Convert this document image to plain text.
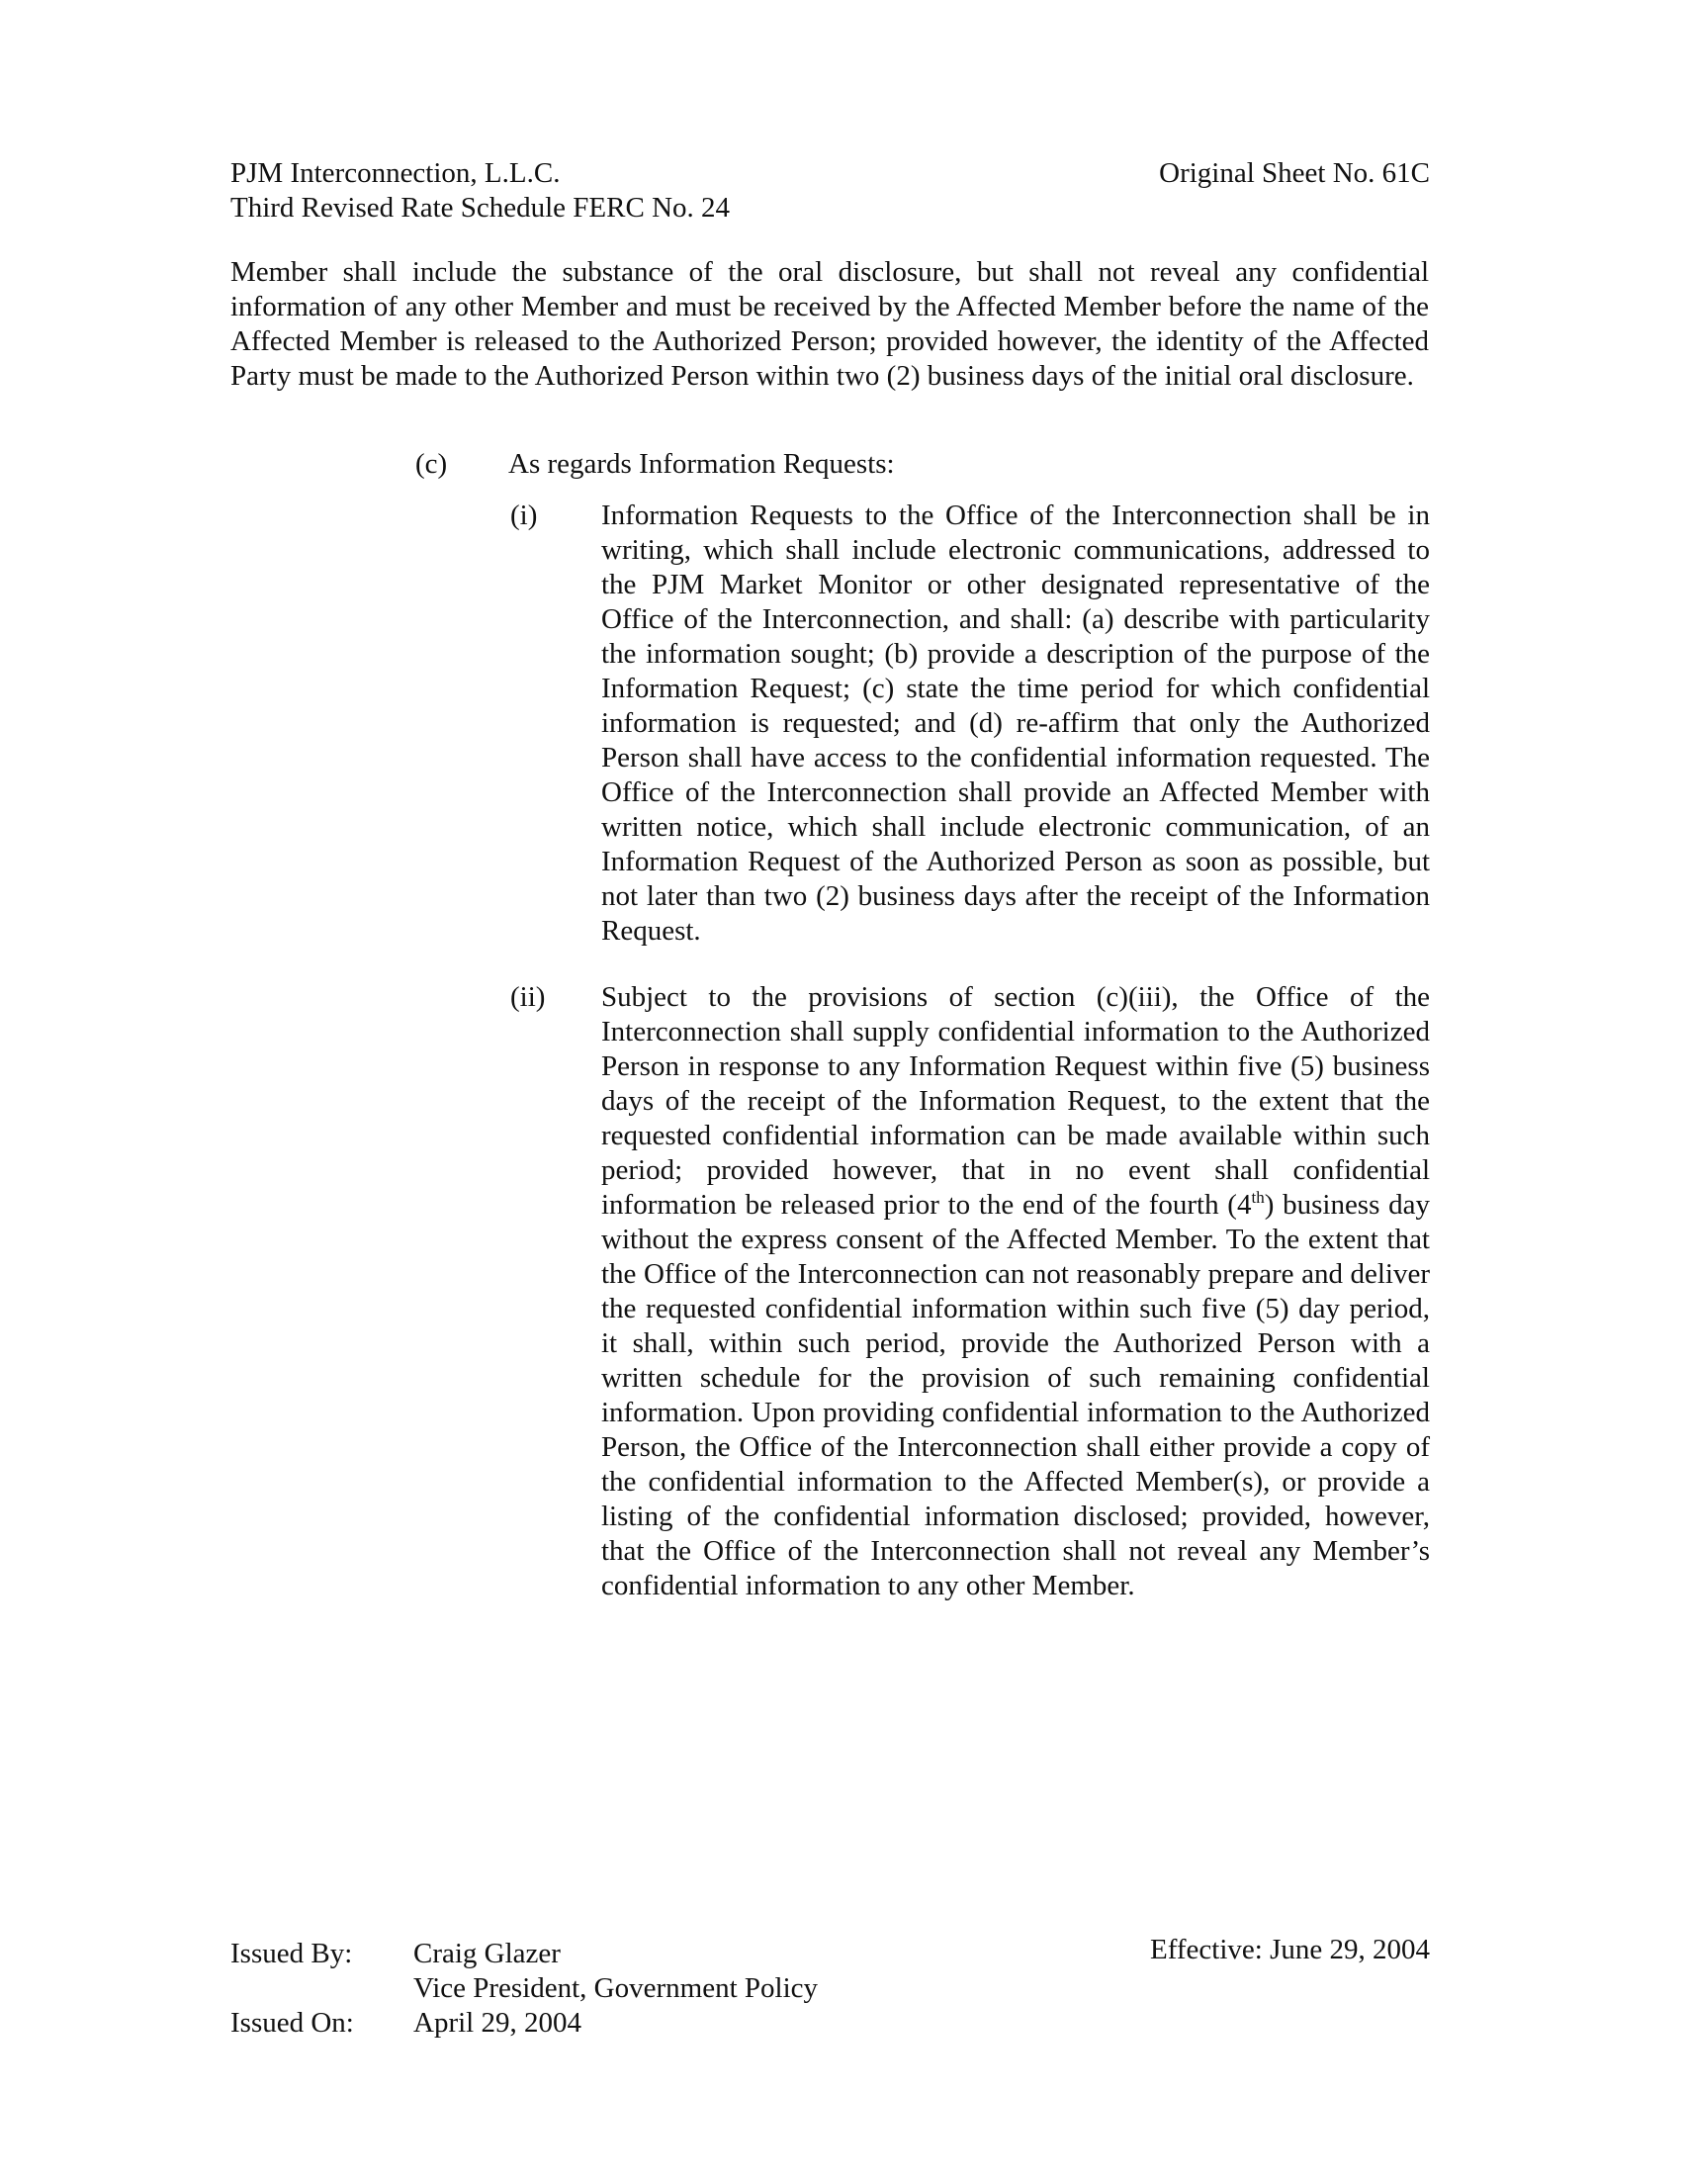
PJM Interconnection, L.L.C.
Third Revised Rate Schedule FERC No. 24
Original Sheet No. 61C
Member shall include the substance of the oral disclosure, but shall not reveal any confidential information of any other Member and must be received by the Affected Member before the name of the Affected Member is released to the Authorized Person; provided however, the identity of the Affected Party must be made to the Authorized Person within two (2) business days of the initial oral disclosure.
(c) As regards Information Requests:
(i) Information Requests to the Office of the Interconnection shall be in writing, which shall include electronic communications, addressed to the PJM Market Monitor or other designated representative of the Office of the Interconnection, and shall: (a) describe with particularity the information sought; (b) provide a description of the purpose of the Information Request; (c) state the time period for which confidential information is requested; and (d) re-affirm that only the Authorized Person shall have access to the confidential information requested. The Office of the Interconnection shall provide an Affected Member with written notice, which shall include electronic communication, of an Information Request of the Authorized Person as soon as possible, but not later than two (2) business days after the receipt of the Information Request.
(ii) Subject to the provisions of section (c)(iii), the Office of the Interconnection shall supply confidential information to the Authorized Person in response to any Information Request within five (5) business days of the receipt of the Information Request, to the extent that the requested confidential information can be made available within such period; provided however, that in no event shall confidential information be released prior to the end of the fourth (4th) business day without the express consent of the Affected Member. To the extent that the Office of the Interconnection can not reasonably prepare and deliver the requested confidential information within such five (5) day period, it shall, within such period, provide the Authorized Person with a written schedule for the provision of such remaining confidential information. Upon providing confidential information to the Authorized Person, the Office of the Interconnection shall either provide a copy of the confidential information to the Affected Member(s), or provide a listing of the confidential information disclosed; provided, however, that the Office of the Interconnection shall not reveal any Member’s confidential information to any other Member.
Issued By: Craig Glazer
Vice President, Government Policy
Issued On: April 29, 2004
Effective: June 29, 2004
